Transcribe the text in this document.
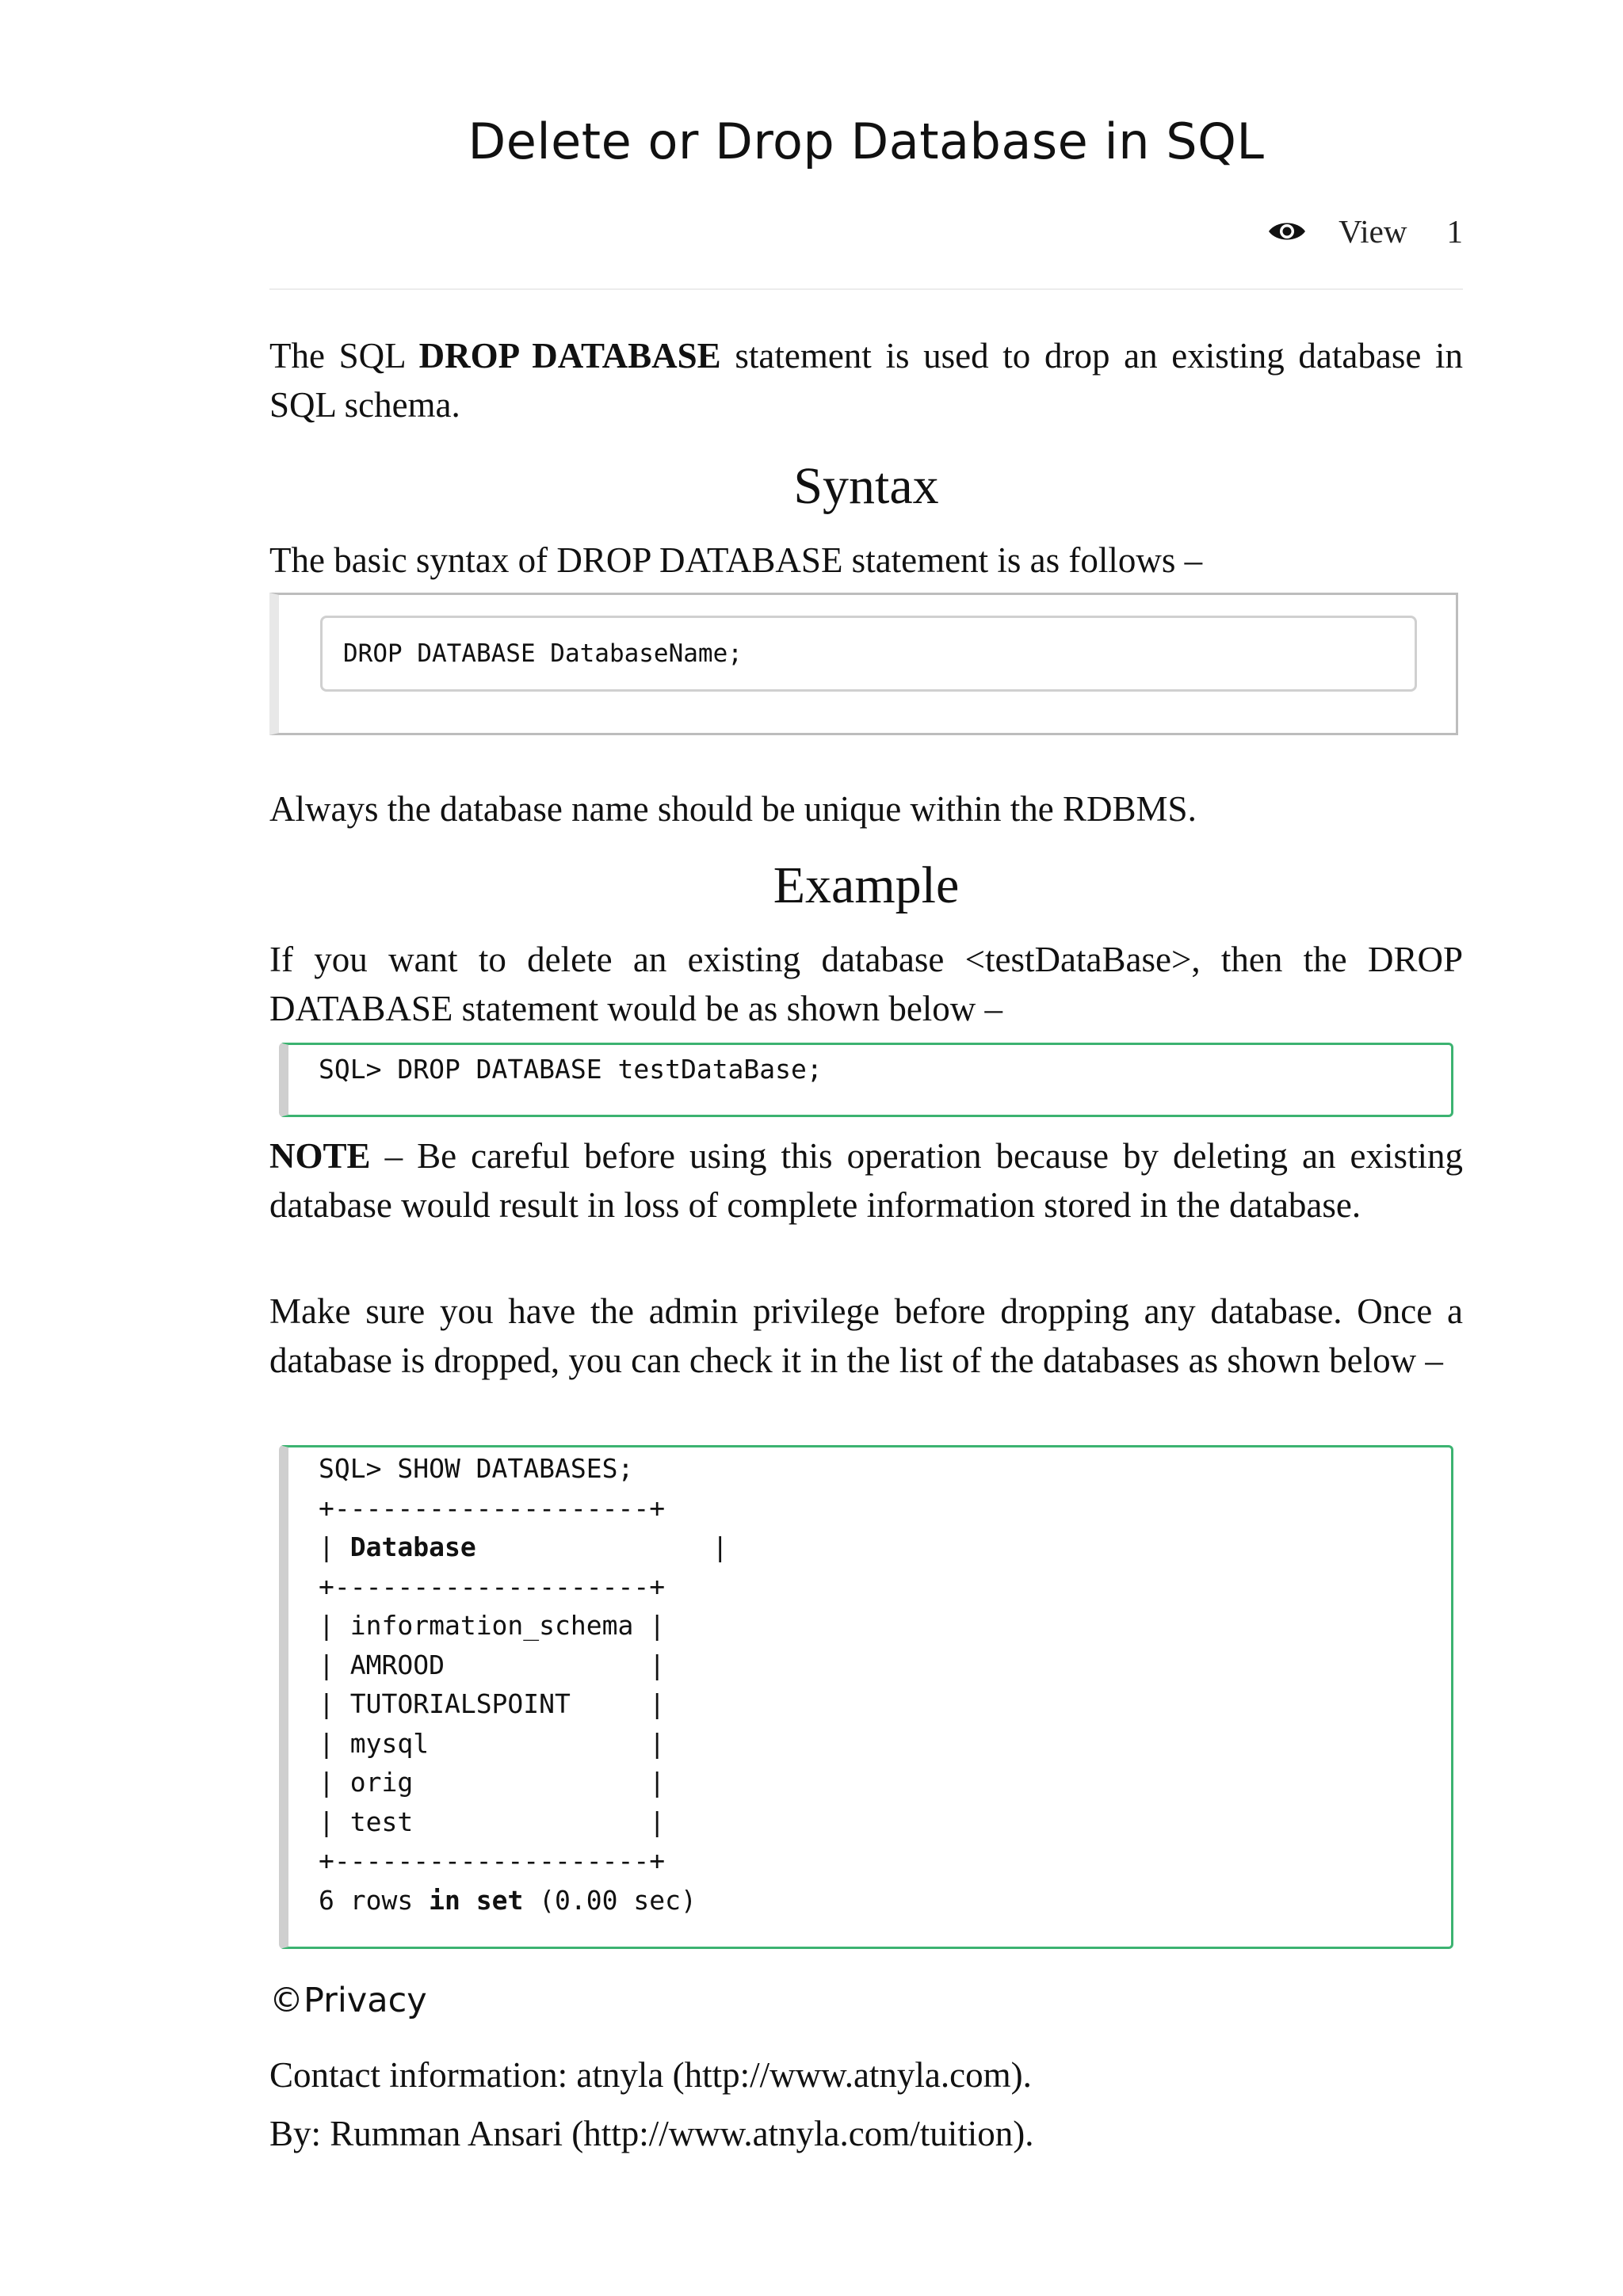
Delete or Drop Database in SQL
View 1
The SQL DROP DATABASE statement is used to drop an existing database in SQL schema.
Syntax
The basic syntax of DROP DATABASE statement is as follows –
DROP DATABASE DatabaseName;
Always the database name should be unique within the RDBMS.
Example
If you want to delete an existing database <testDataBase>, then the DROP DATABASE statement would be as shown below –
SQL> DROP DATABASE testDataBase;
NOTE – Be careful before using this operation because by deleting an existing database would result in loss of complete information stored in the database.
Make sure you have the admin privilege before dropping any database. Once a database is dropped, you can check it in the list of the databases as shown below –
SQL> SHOW DATABASES;
+--------------------+
| Database               |
+--------------------+
| information_schema |
| AMROOD             |
| TUTORIALSPOINT     |
| mysql              |
| orig               |
| test               |
+--------------------+
6 rows in set (0.00 sec)
©Privacy
Contact information: atnyla (http://www.atnyla.com).
By: Rumman Ansari (http://www.atnyla.com/tuition).
